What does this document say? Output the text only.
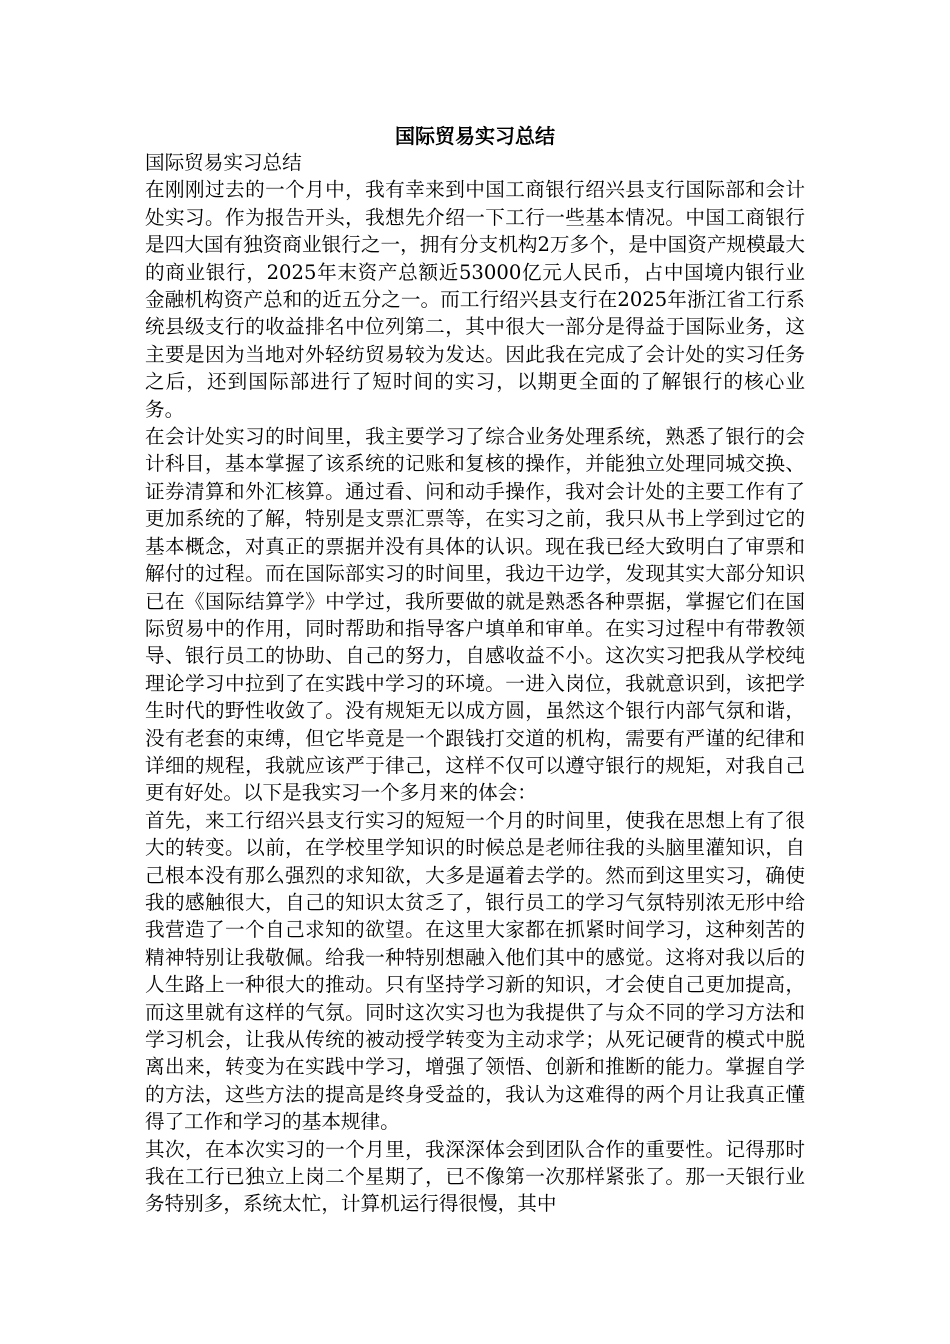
国际贸易实习总结

国际贸易实习总结

在刚刚过去的一个月中，我有幸来到中国工商银行绍兴县支行国际部和会计处实习。作为报告开头，我想先介绍一下工行一些基本情况。中国工商银行是四大国有独资商业银行之一，拥有分支机构2万多个，是中国资产规模最大的商业银行，2025年末资产总额近53000亿元人民币，占中国境内银行业金融机构资产总和的近五分之一。而工行绍兴县支行在2025年浙江省工行系统县级支行的收益排名中位列第二，其中很大一部分是得益于国际业务，这主要是因为当地对外轻纺贸易较为发达。因此我在完成了会计处的实习任务之后，还到国际部进行了短时间的实习，以期更全面的了解银行的核心业务。

在会计处实习的时间里，我主要学习了综合业务处理系统，熟悉了银行的会计科目，基本掌握了该系统的记账和复核的操作，并能独立处理同城交换、证券清算和外汇核算。通过看、问和动手操作，我对会计处的主要工作有了更加系统的了解，特别是支票汇票等，在实习之前，我只从书上学到过它的基本概念，对真正的票据并没有具体的认识。现在我已经大致明白了审票和解付的过程。而在国际部实习的时间里，我边干边学，发现其实大部分知识已在《国际结算学》中学过，我所要做的就是熟悉各种票据，掌握它们在国际贸易中的作用，同时帮助和指导客户填单和审单。在实习过程中有带教领导、银行员工的协助、自己的努力，自感收益不小。这次实习把我从学校纯理论学习中拉到了在实践中学习的环境。一进入岗位，我就意识到，该把学生时代的野性收敛了。没有规矩无以成方圆，虽然这个银行内部气氛和谐，没有老套的束缚，但它毕竟是一个跟钱打交道的机构，需要有严谨的纪律和详细的规程，我就应该严于律己，这样不仅可以遵守银行的规矩，对我自己更有好处。以下是我实习一个多月来的体会：

首先，来工行绍兴县支行实习的短短一个月的时间里，使我在思想上有了很大的转变。以前，在学校里学知识的时候总是老师往我的头脑里灌知识，自己根本没有那么强烈的求知欲，大多是逼着去学的。然而到这里实习，确使我的感触很大，自己的知识太贫乏了，银行员工的学习气氛特别浓无形中给我营造了一个自己求知的欲望。在这里大家都在抓紧时间学习，这种刻苦的精神特别让我敬佩。给我一种特别想融入他们其中的感觉。这将对我以后的人生路上一种很大的推动。只有坚持学习新的知识，才会使自己更加提高，而这里就有这样的气氛。同时这次实习也为我提供了与众不同的学习方法和学习机会，让我从传统的被动授学转变为主动求学；从死记硬背的模式中脱离出来，转变为在实践中学习，增强了领悟、创新和推断的能力。掌握自学的方法，这些方法的提高是终身受益的，我认为这难得的两个月让我真正懂得了工作和学习的基本规律。

其次，在本次实习的一个月里，我深深体会到团队合作的重要性。记得那时我在工行已独立上岗二个星期了，已不像第一次那样紧张了。那一天银行业务特别多，系统太忙，计算机运行得很慢，其中
